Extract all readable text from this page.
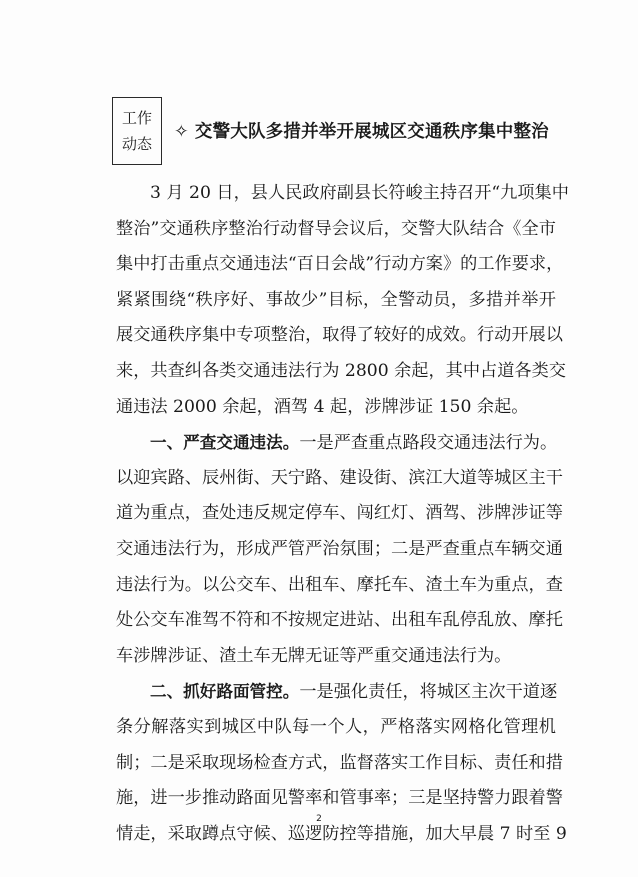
工作
动态
✧ 交警大队多措并举开展城区交通秩序集中整治
3 月 20 日，县人民政府副县长符峻主持召开“九项集中
整治”交通秩序整治行动督导会议后，交警大队结合《全市
集中打击重点交通违法“百日会战”行动方案》的工作要求，
紧紧围绕“秩序好、事故少”目标，全警动员，多措并举开
展交通秩序集中专项整治，取得了较好的成效。行动开展以
来，共查纠各类交通违法行为 2800 余起，其中占道各类交
通违法 2000 余起，酒驾 4 起，涉牌涉证 150 余起。
一、严查交通违法。一是严查重点路段交通违法行为。
以迎宾路、辰州街、天宁路、建设街、滨江大道等城区主干
道为重点，查处违反规定停车、闯红灯、酒驾、涉牌涉证等
交通违法行为，形成严管严治氛围；二是严查重点车辆交通
违法行为。以公交车、出租车、摩托车、渣土车为重点，查
处公交车准驾不符和不按规定进站、出租车乱停乱放、摩托
车涉牌涉证、渣土车无牌无证等严重交通违法行为。
二、抓好路面管控。一是强化责任，将城区主次干道逐
条分解落实到城区中队每一个人，严格落实网格化管理机
制；二是采取现场检查方式，监督落实工作目标、责任和措
施，进一步推动路面见警率和管事率；三是坚持警力跟着警
情走，采取蹲点守候、巡逻防控等措施，加大早晨 7 时至 9
2
